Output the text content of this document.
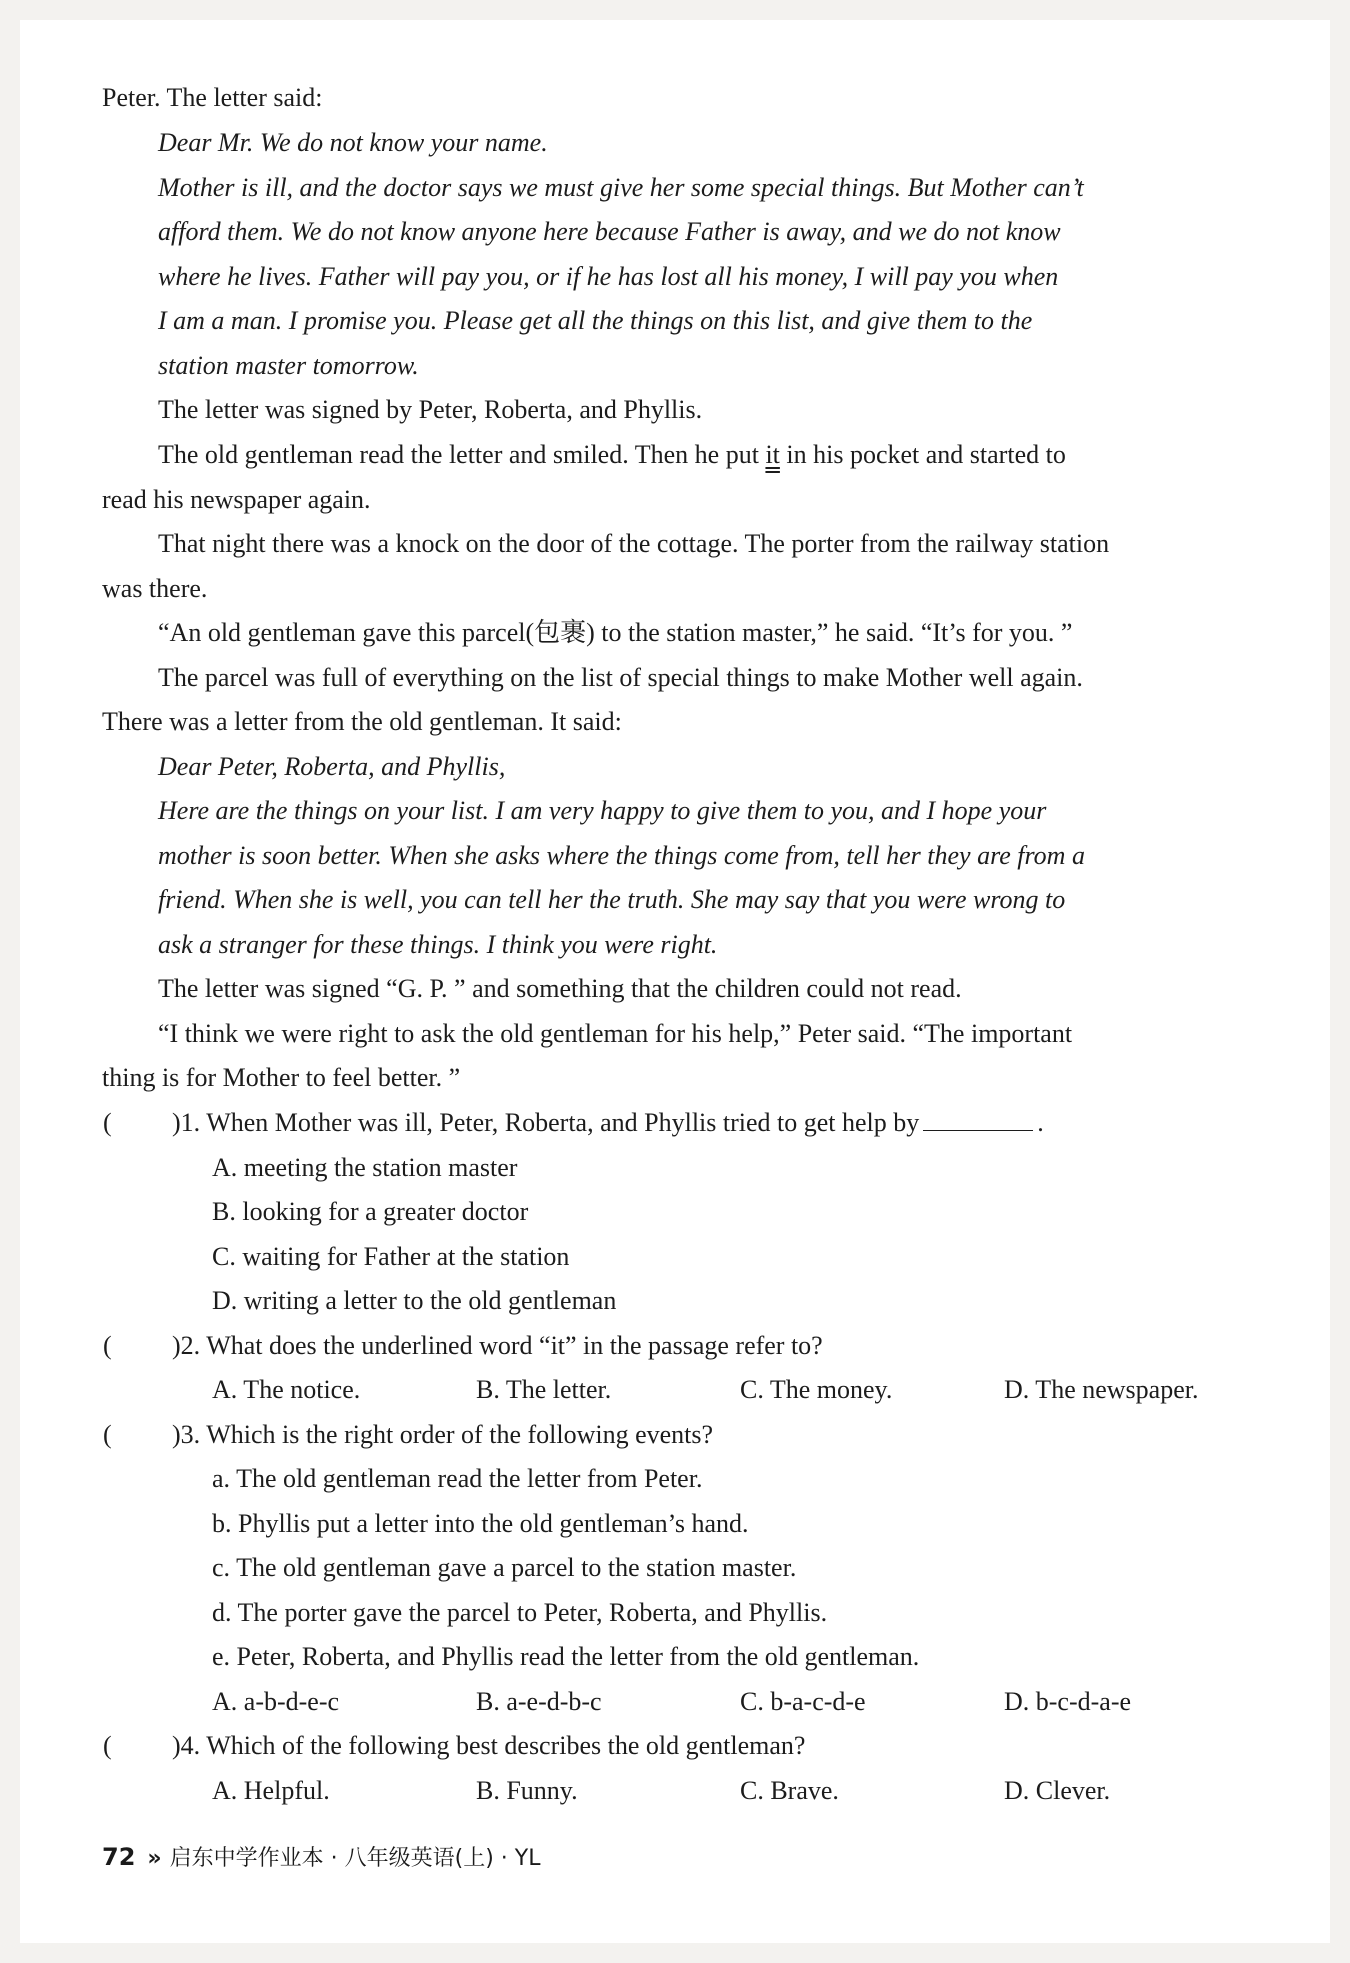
Peter. The letter said:
Dear Mr. We do not know your name.
Mother is ill, and the doctor says we must give her some special things. But Mother can’t
afford them. We do not know anyone here because Father is away, and we do not know
where he lives. Father will pay you, or if he has lost all his money, I will pay you when
I am a man. I promise you. Please get all the things on this list, and give them to the
station master tomorrow.
The letter was signed by Peter, Roberta, and Phyllis.
The old gentleman read the letter and smiled. Then he put it in his pocket and started to
read his newspaper again.
That night there was a knock on the door of the cottage. The porter from the railway station
was there.
“An old gentleman gave this parcel(包裹) to the station master,” he said. “It’s for you. ”
The parcel was full of everything on the list of special things to make Mother well again.
There was a letter from the old gentleman. It said:
Dear Peter, Roberta, and Phyllis,
Here are the things on your list. I am very happy to give them to you, and I hope your
mother is soon better. When she asks where the things come from, tell her they are from a
friend. When she is well, you can tell her the truth. She may say that you were wrong to
ask a stranger for these things. I think you were right.
The letter was signed “G. P. ” and something that the children could not read.
“I think we were right to ask the old gentleman for his help,” Peter said. “The important
thing is for Mother to feel better. ”
( )1. When Mother was ill, Peter, Roberta, and Phyllis tried to get help by	.
A. meeting the station master
B. looking for a greater doctor
C. waiting for Father at the station
D. writing a letter to the old gentleman
( )2. What does the underlined word “it” in the passage refer to?
A. The notice.	B. The letter.	C. The money.	D. The newspaper.
( )3. Which is the right order of the following events?
a. The old gentleman read the letter from Peter.
b. Phyllis put a letter into the old gentleman’s hand.
c. The old gentleman gave a parcel to the station master.
d. The porter gave the parcel to Peter, Roberta, and Phyllis.
e. Peter, Roberta, and Phyllis read the letter from the old gentleman.
A. a-b-d-e-c	B. a-e-d-b-c	C. b-a-c-d-e	D. b-c-d-a-e
( )4. Which of the following best describes the old gentleman?
A. Helpful.	B. Funny.	C. Brave.	D. Clever.
72 » 启东中学作业本 · 八年级英语(上) · YL
